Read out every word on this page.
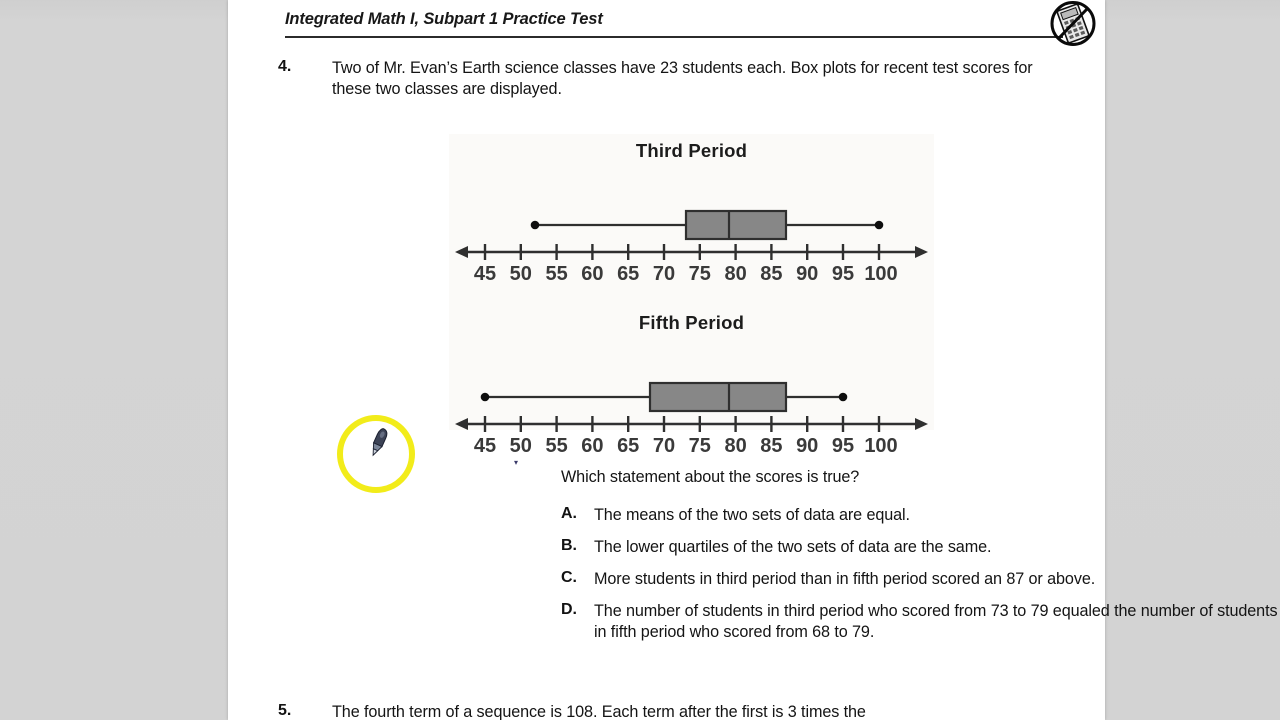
Integrated Math I, Subpart 1 Practice Test
4.	Two of Mr. Evan’s Earth science classes have 23 students each. Box plots for recent test scores for these two classes are displayed.
Third Period
45 50 55 60 65 70 75 80 85 90 95 100
Fifth Period
45 50 55 60 65 70 75 80 85 90 95 100
Which statement about the scores is true?
A. The means of the two sets of data are equal.
B. The lower quartiles of the two sets of data are the same.
C. More students in third period than in fifth period scored an 87 or above.
D. The number of students in third period who scored from 73 to 79 equaled the number of students in fifth period who scored from 68 to 79.
5.	The fourth term of a sequence is 108. Each term after the first is 3 times the
▾
